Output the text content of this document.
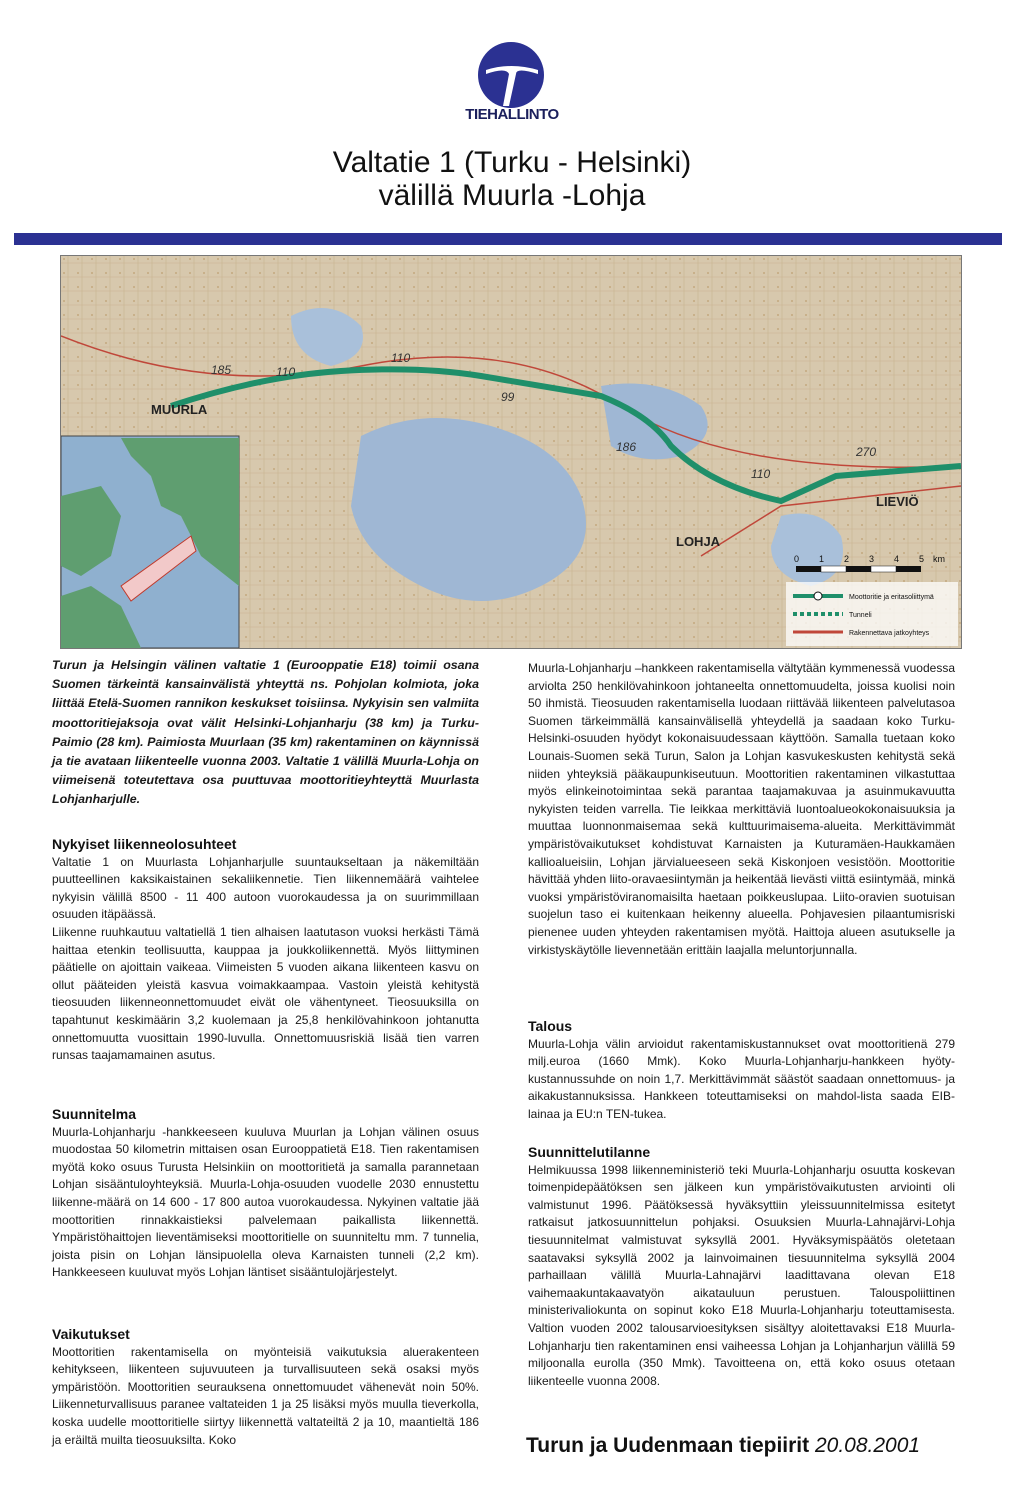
TIEHALLINTO
Valtatie 1 (Turku - Helsinki)
välillä Muurla -Lohja
MUURLA
LOHJA
LIEVIÖ
185	110
110
99
186
110
270
0 1 2 3 4 5 km
Moottoritie ja eritasoliittymä
Tunneli
Rakennettava jatkoyhteys

Turun ja Helsingin välinen valtatie 1 (Eurooppatie E18) toimii osana Suomen tärkeintä kansainvälistä yhteyttä ns. Pohjolan kolmiota, joka liittää Etelä-Suomen rannikon keskukset toisiinsa. Nykyisin sen valmiita moottoritiejaksoja ovat välit Helsinki-Lohjanharju (38 km) ja Turku-Paimio (28 km). Paimiosta Muurlaan (35 km) rakentaminen on käynnissä ja tie avataan liikenteelle vuonna 2003. Valtatie 1 välillä Muurla-Lohja on viimeisenä toteutettava osa puuttuvaa moottoritieyhteyttä Muurlasta Lohjanharjulle.

Nykyiset liikenneolosuhteet

Valtatie 1 on Muurlasta Lohjanharjulle suuntaukseltaan ja näkemiltään puutteellinen kaksikaistainen sekaliikennetie. Tien liikennemäärä vaihtelee nykyisin välillä 8500 - 11 400 autoon vuorokaudessa ja on suurimmillaan osuuden itäpäässä.

Liikenne ruuhkautuu valtatiellä 1 tien alhaisen laatutason vuoksi herkästi Tämä haittaa etenkin teollisuutta, kauppaa ja joukkoliikennettä. Myös liittyminen päätielle on ajoittain vaikeaa. Viimeisten 5 vuoden aikana liikenteen kasvu on ollut pääteiden yleistä kasvua voimakkaampaa. Vastoin yleistä kehitystä tieosuuden liikenneonnettomuudet eivät ole vähentyneet. Tieosuuksilla on tapahtunut keskimäärin 3,2 kuolemaan ja 25,8 henkilövahinkoon johtanutta onnettomuutta vuosittain 1990-luvulla. Onnettomuusriskiä lisää tien varren runsas taajamamainen asutus.

Suunnitelma

Muurla-Lohjanharju -hankkeeseen kuuluva Muurlan ja Lohjan välinen osuus muodostaa 50 kilometrin mittaisen osan Eurooppatietä E18. Tien rakentamisen myötä koko osuus Turusta Helsinkiin on moottoritietä ja samalla parannetaan Lohjan sisääntuloyhteyksiä. Muurla-Lohja-osuuden vuodelle 2030 ennustettu liikenne-määrä on 14 600 - 17 800 autoa vuorokaudessa. Nykyinen valtatie jää moottoritien rinnakkaistieksi palvelemaan paikallista liikennettä. Ympäristöhaittojen lieventämiseksi moottoritielle on suunniteltu mm. 7 tunnelia, joista pisin on Lohjan länsipuolella oleva Karnaisten tunneli (2,2 km). Hankkeeseen kuuluvat myös Lohjan läntiset sisääntulojärjestelyt.

Vaikutukset

Moottoritien rakentamisella on myönteisiä vaikutuksia aluerakenteen kehitykseen, liikenteen sujuvuuteen ja turvallisuuteen sekä osaksi myös ympäristöön. Moottoritien seurauksena onnettomuudet vähenevät noin 50%. Liikenneturvallisuus paranee valtateiden 1 ja 25 lisäksi myös muulla tieverkolla, koska uudelle moottoritielle siirtyy liikennettä valtateiltä 2 ja 10, maantieltä 186 ja eräiltä muilta tieosuuksilta. Koko

Muurla-Lohjanharju –hankkeen rakentamisella vältytään kymmenessä vuodessa arviolta 250 henkilövahinkoon johtaneelta onnettomuudelta, joissa kuolisi noin 50 ihmistä. Tieosuuden rakentamisella luodaan riittävää liikenteen palvelutasoa Suomen tärkeimmällä kansainvälisellä yhteydellä ja saadaan koko Turku-Helsinki-osuuden hyödyt kokonaisuudessaan käyttöön. Samalla tuetaan koko Lounais-Suomen sekä Turun, Salon ja Lohjan kasvukeskusten kehitystä sekä niiden yhteyksiä pääkaupunkiseutuun. Moottoritien rakentaminen vilkastuttaa myös elinkeinotoimintaa sekä parantaa taajamakuvaa ja asuinmukavuutta nykyisten teiden varrella. Tie leikkaa merkittäviä luontoalueokokonaisuuksia ja muuttaa luonnonmaisemaa sekä kulttuurimaisema-alueita. Merkittävimmät ympäristövaikutukset kohdistuvat Karnaisten ja Kuturamäen-Haukkamäen kallioalueisiin, Lohjan järvialueeseen sekä Kiskonjoen vesistöön. Moottoritie hävittää yhden liito-oravaesiintymän ja heikentää lievästi viittä esiintymää, minkä vuoksi ympäristöviranomaisilta haetaan poikkeuslupaa. Liito-oravien suotuisan suojelun taso ei kuitenkaan heikenny alueella. Pohjavesien pilaantumisriski pienenee uuden yhteyden rakentamisen myötä. Haittoja alueen asutukselle ja virkistyskäytölle lievennetään erittäin laajalla meluntorjunnalla.

Talous

Muurla-Lohja välin arvioidut rakentamiskustannukset ovat moottoritienä 279 milj.euroa (1660 Mmk). Koko Muurla-Lohjanharju-hankkeen hyöty-kustannussuhde on noin 1,7. Merkittävimmät säästöt saadaan onnettomuus- ja aikakustannuksissa. Hankkeen toteuttamiseksi on mahdol-lista saada EIB-lainaa ja EU:n TEN-tukea.

Suunnittelutilanne

Helmikuussa 1998 liikenneministeriö teki Muurla-Lohjanharju osuutta koskevan toimenpidepäätöksen sen jälkeen kun ympäristövaikutusten arviointi oli valmistunut 1996. Päätöksessä hyväksyttiin yleissuunnitelmissa esitetyt ratkaisut jatkosuunnittelun pohjaksi. Osuuksien Muurla-Lahnajärvi-Lohja tiesuunnitelmat valmistuvat syksyllä 2001. Hyväksymispäätös oletetaan saatavaksi syksyllä 2002 ja lainvoimainen tiesuunnitelma syksyllä 2004 parhaillaan välillä Muurla-Lahnajärvi laadittavana olevan E18 vaihemaakuntakaavatyön aikatauluun perustuen. Talouspoliittinen ministerivaliokunta on sopinut koko E18 Muurla-Lohjanharju toteuttamisesta. Valtion vuoden 2002 talousarvioesityksen sisältyy aloitettavaksi E18 Muurla-Lohjanharju tien rakentaminen ensi vaiheessa Lohjan ja Lohjanharjun välillä 59 miljoonalla eurolla (350 Mmk). Tavoitteena on, että koko osuus otetaan liikenteelle vuonna 2008.

Turun ja Uudenmaan tiepiirit 20.08.2001
